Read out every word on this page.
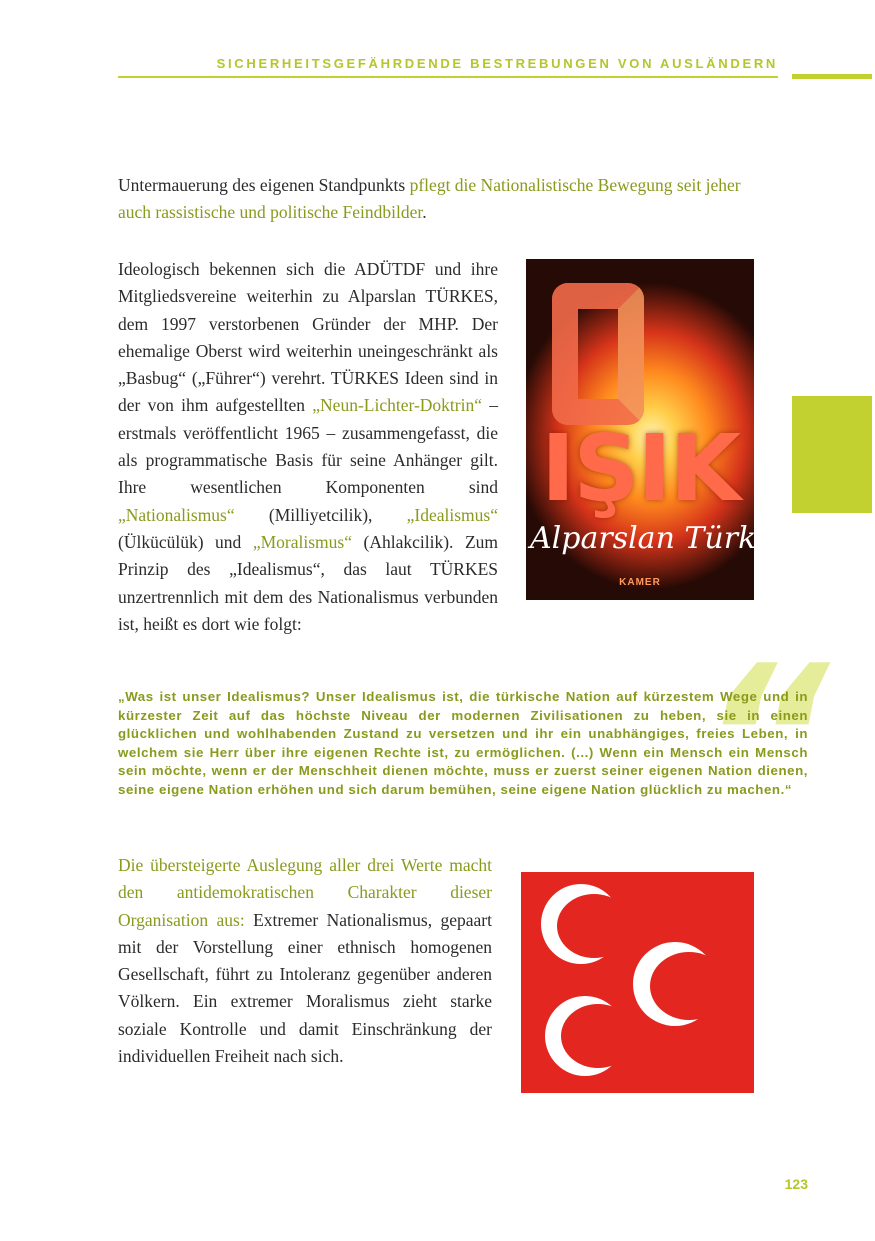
SICHERHEITSGEFÄHRDENDE BESTREBUNGEN VON AUSLÄNDERN

Untermauerung des eigenen Standpunkts pflegt die Nationalistische Bewegung seit jeher auch rassistische und politische Feindbilder.

Ideologisch bekennen sich die ADÜTDF und ihre Mitgliedsvereine weiterhin zu Alparslan TÜRKES, dem 1997 verstorbenen Gründer der MHP. Der ehemalige Oberst wird weiterhin uneingeschränkt als „Basbug“ („Führer“) verehrt. TÜRKES Ideen sind in der von ihm aufgestellten „Neun-Lichter-Doktrin“ – erstmals veröffentlicht 1965 – zusammengefasst, die als programmatische Basis für seine Anhänger gilt. Ihre wesentlichen Komponenten sind „Nationalismus“ (Milliyetcilik), „Idealismus“ (Ülkücülük) und „Moralismus“ (Ahlakcilik). Zum Prinzip des „Idealismus“, das laut TÜRKES unzertrennlich mit dem des Nationalismus verbunden ist, heißt es dort wie folgt:

IŞIK
Alparslan Türkeş
KAMER
“

„Was ist unser Idealismus? Unser Idealismus ist, die türkische Nation auf kürzestem Wege und in kürzester Zeit auf das höchste Niveau der modernen Zivilisationen zu heben, sie in einen glücklichen und wohlhabenden Zustand zu versetzen und ihr ein unabhängiges, freies Leben, in welchem sie Herr über ihre eigenen Rechte ist, zu ermöglichen. (...) Wenn ein Mensch ein Mensch sein möchte, wenn er der Menschheit dienen möchte, muss er zuerst seiner eigenen Nation dienen, seine eigene Nation erhöhen und sich darum bemühen, seine eigene Nation glücklich zu machen.“

Die übersteigerte Auslegung aller drei Werte macht den antidemokratischen Charakter dieser Organisation aus: Extremer Nationalismus, gepaart mit der Vorstellung einer ethnisch homogenen Gesellschaft, führt zu Intoleranz gegenüber anderen Völkern. Ein extremer Moralismus zieht starke soziale Kontrolle und damit Einschränkung der individuellen Freiheit nach sich.

123
